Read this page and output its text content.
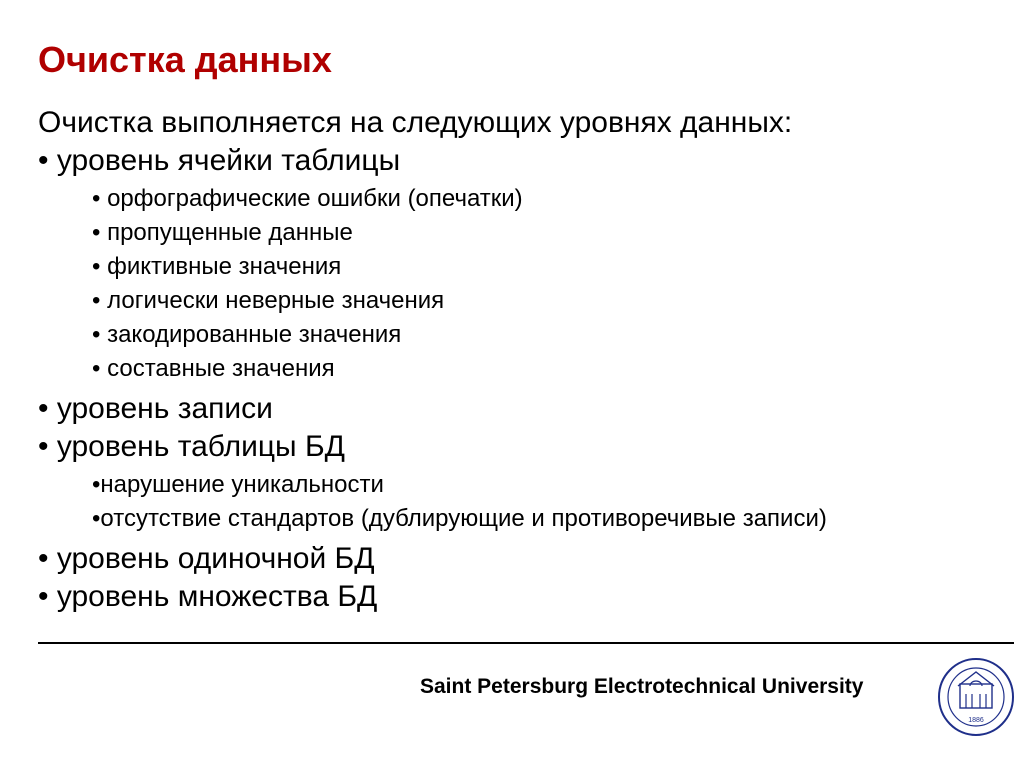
Очистка данных
Очистка выполняется на следующих уровнях данных:
• уровень ячейки таблицы
• орфографические ошибки (опечатки)
• пропущенные данные
• фиктивные значения
• логически неверные значения
• закодированные значения
• составные значения
• уровень записи
• уровень таблицы БД
•нарушение уникальности
•отсутствие стандартов (дублирующие и противоречивые записи)
• уровень одиночной БД
• уровень множества БД
Saint Petersburg Electrotechnical University
1886
